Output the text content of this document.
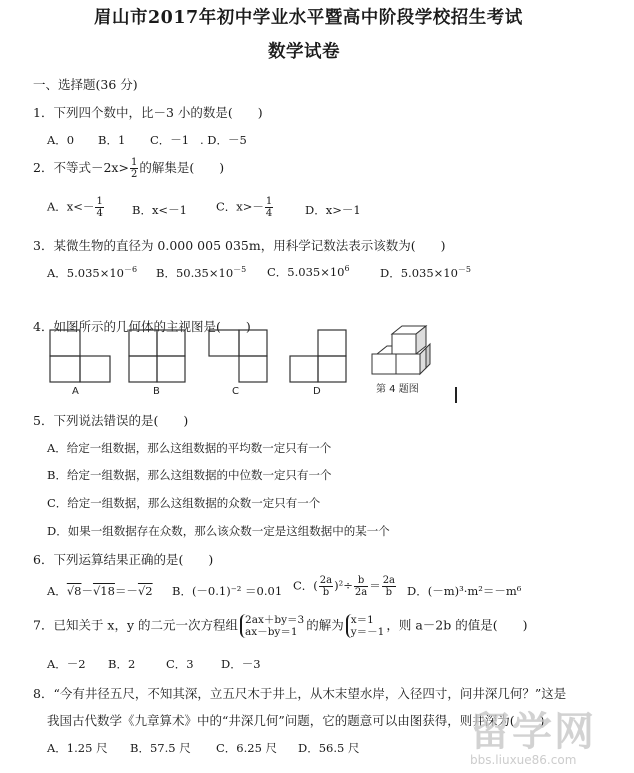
眉山市2017年初中学业水平暨高中阶段学校招生考试
数学试卷
一、选择题(36 分)
1．下列四个数中，比－3 小的数是(　　)
A．0 B．1 C．－1 . D．－5
2．不等式$-2x> \frac{1}{2}$ 的解集是(　　)
A．$x<- \frac{1}{4}$ B．x<－1	C．$x>- \frac{1}{4}$	D．x>－1
3．某微生物的直径为 0.000 005 035m，用科学记数法表示该数为(　　)
A．$5.035\times 10^{-6}$ B．$50.35\times 10^{-5}$ C．$5.035\times 10^6$	D．$5.035\times 10^{-5}$
4．如图所示的几何体的主视图是(　　)
A	B	C	D	第 4 题图
5．下列说法错误的是(　　)
A．给定一组数据，那么这组数据的平均数一定只有一个
B．给定一组数据，那么这组数据的中位数一定只有一个
C．给定一组数据，那么这组数据的众数一定只有一个
D．如果一组数据存在众数，那么该众数一定是这组数据中的某一个
6．下列运算结果正确的是(　　)
A．√8－√18＝－√2 B．(－0.1)⁻² ＝0.01 C．( $\frac{2a}{b} )^2\div \frac{b}{2a} = \frac{2a}{b}$ D．(－m)³·m²＝－m⁶
7．已知关于 x，y 的二元一次方程组 2ax＋by＝3
ax－by＝1 的解为 x＝1
y＝－1 ，则 a－2b 的值是(　　)
A．－2 B．2	C．3 D．－3
8．“今有井径五尺，不知其深，立五尺木于井上，从木末望水岸，入径四寸，问井深几何？”这是
我国古代数学《九章算术》中的“井深几何”问题，它的题意可以由图获得，则井深为(　　)
A．1.25 尺 B．57.5 尺 C．6.25 尺 D．56.5 尺	留学网
bbs.liuxue86.com
